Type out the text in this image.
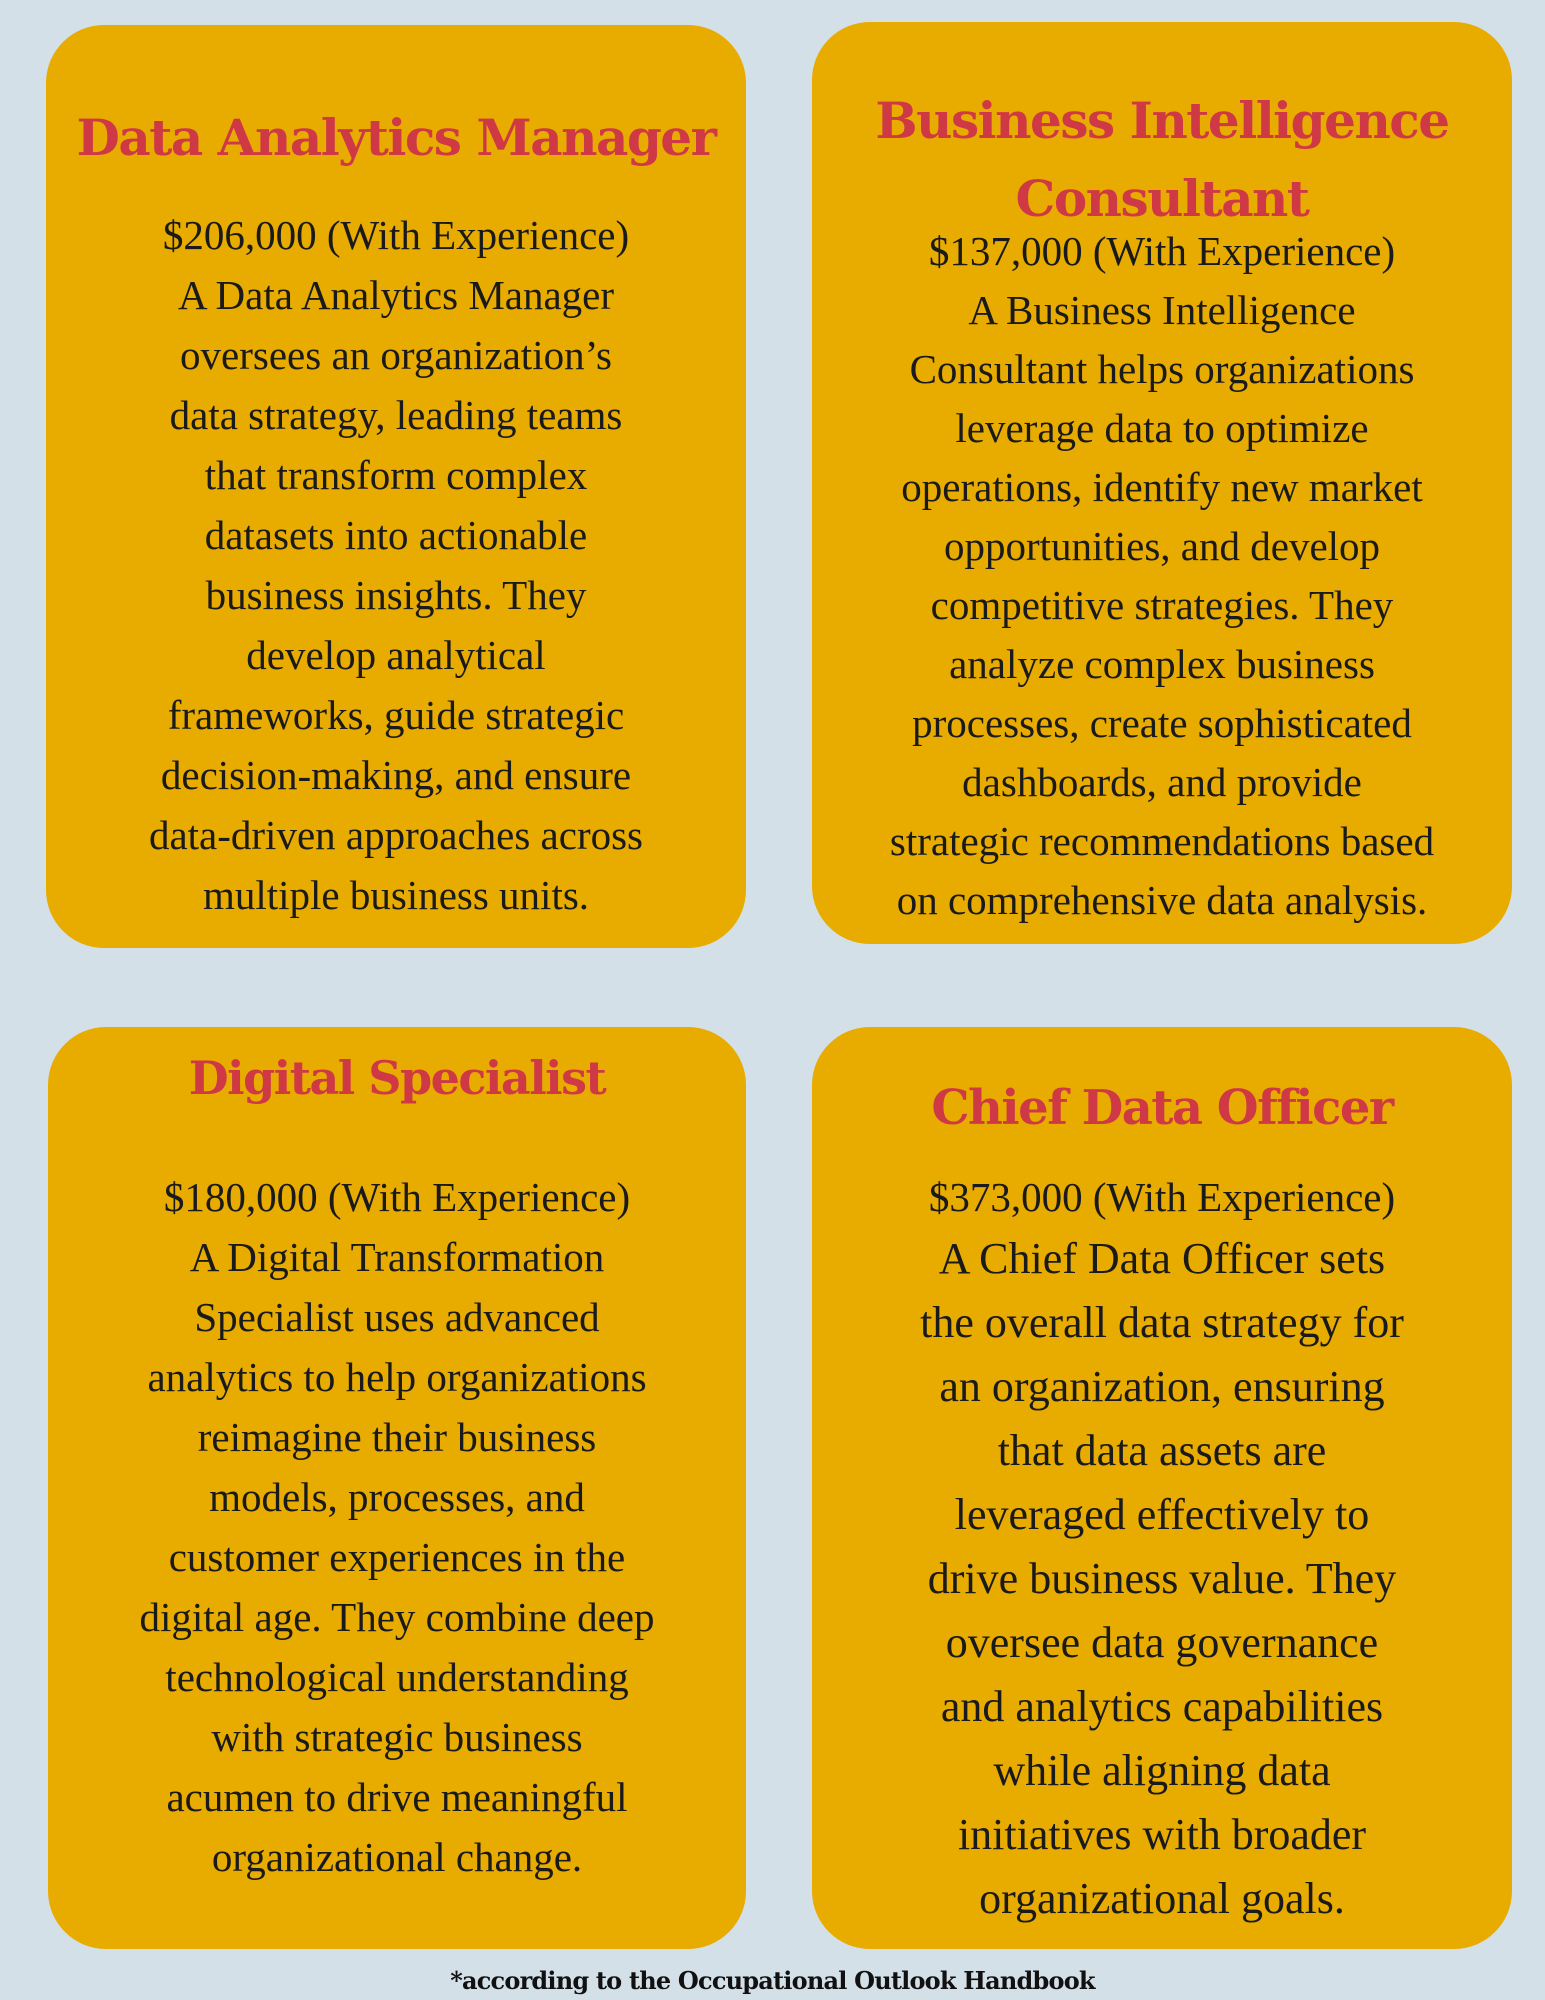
Data Analytics Manager
$206,000 (With Experience)
A Data Analytics Manager
oversees an organization’s
data strategy, leading teams
that transform complex
datasets into actionable
business insights. They
develop analytical
frameworks, guide strategic
decision-making, and ensure
data-driven approaches across
multiple business units.
Business Intelligence
Consultant
$137,000 (With Experience)
A Business Intelligence
Consultant helps organizations
leverage data to optimize
operations, identify new market
opportunities, and develop
competitive strategies. They
analyze complex business
processes, create sophisticated
dashboards, and provide
strategic recommendations based
on comprehensive data analysis.
Digital Specialist
$180,000 (With Experience)
A Digital Transformation
Specialist uses advanced
analytics to help organizations
reimagine their business
models, processes, and
customer experiences in the
digital age. They combine deep
technological understanding
with strategic business
acumen to drive meaningful
organizational change.
Chief Data Officer
$373,000 (With Experience)
A Chief Data Officer sets
the overall data strategy for
an organization, ensuring
that data assets are
leveraged effectively to
drive business value. They
oversee data governance
and analytics capabilities
while aligning data
initiatives with broader
organizational goals.
*according to the Occupational Outlook Handbook
